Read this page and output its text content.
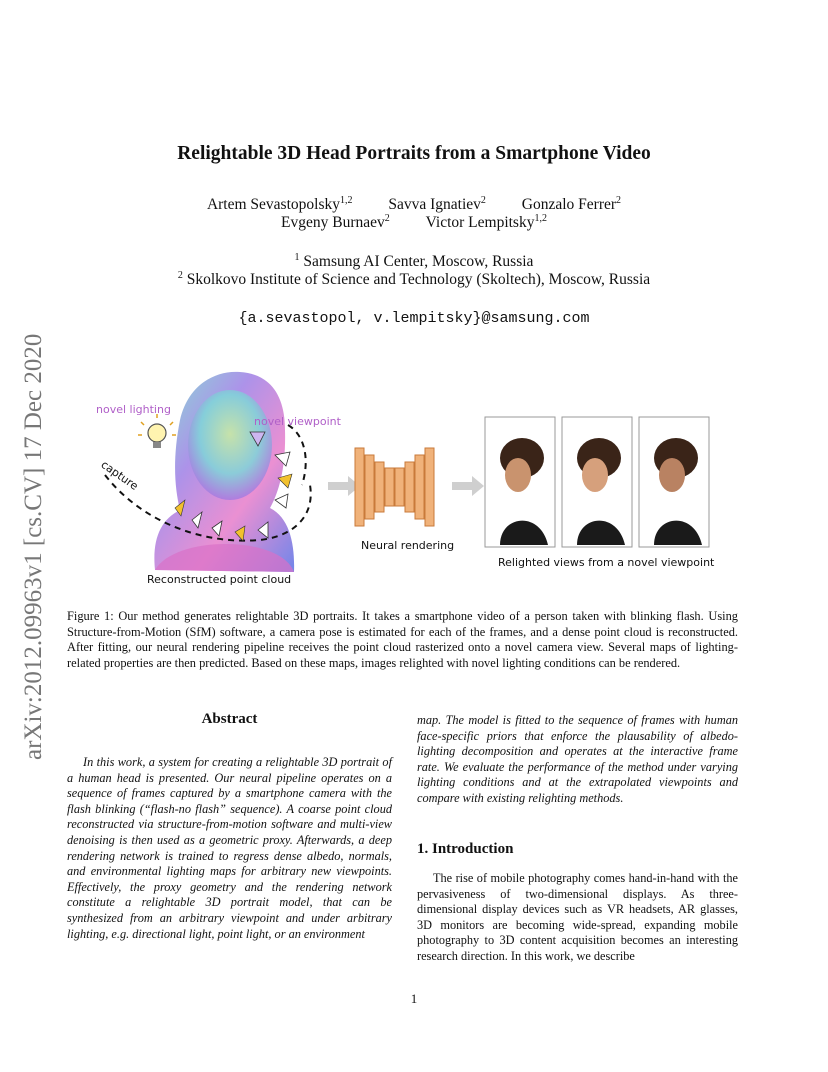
arXiv:2012.09963v1 [cs.CV] 17 Dec 2020
Relightable 3D Head Portraits from a Smartphone Video
Artem Sevastopolsky$^{1,2}$ Savva Ignatiev$^2$ Gonzalo Ferrer$^2$
Evgeny Burnaev$^2$ Victor Lempitsky$^{1,2}$
$^1$ Samsung AI Center, Moscow, Russia
$^2$ Skolkovo Institute of Science and Technology (Skoltech), Moscow, Russia
{a.sevastopol, v.lempitsky}@samsung.com
novel lighting
novel viewpoint
capture
Reconstructed point cloud
Neural rendering
Relighted views from a novel viewpoint
Figure 1: Our method generates relightable 3D portraits. It takes a smartphone video of a person taken with blinking flash. Using Structure-from-Motion (SfM) software, a camera pose is estimated for each of the frames, and a dense point cloud is reconstructed. After fitting, our neural rendering pipeline receives the point cloud rasterized onto a novel camera view. Several maps of lighting-related properties are then predicted. Based on these maps, images relighted with novel lighting conditions can be rendered.
Abstract
In this work, a system for creating a relightable 3D portrait of a human head is presented. Our neural pipeline operates on a sequence of frames captured by a smartphone camera with the flash blinking (“flash-no flash” sequence). A coarse point cloud reconstructed via structure-from-motion software and multi-view denoising is then used as a geometric proxy. Afterwards, a deep rendering network is trained to regress dense albedo, normals, and environmental lighting maps for arbitrary new viewpoints. Effectively, the proxy geometry and the rendering network constitute a relightable 3D portrait model, that can be synthesized from an arbitrary viewpoint and under arbitrary lighting, e.g. directional light, point light, or an environment
map. The model is fitted to the sequence of frames with human face-specific priors that enforce the plausability of albedo-lighting decomposition and operates at the interactive frame rate. We evaluate the performance of the method under varying lighting conditions and at the extrapolated viewpoints and compare with existing relighting methods.
1. Introduction
The rise of mobile photography comes hand-in-hand with the pervasiveness of two-dimensional displays. As three-dimensional display devices such as VR headsets, AR glasses, 3D monitors are becoming wide-spread, expanding mobile photography to 3D content acquisition becomes an interesting research direction. In this work, we describe
1
